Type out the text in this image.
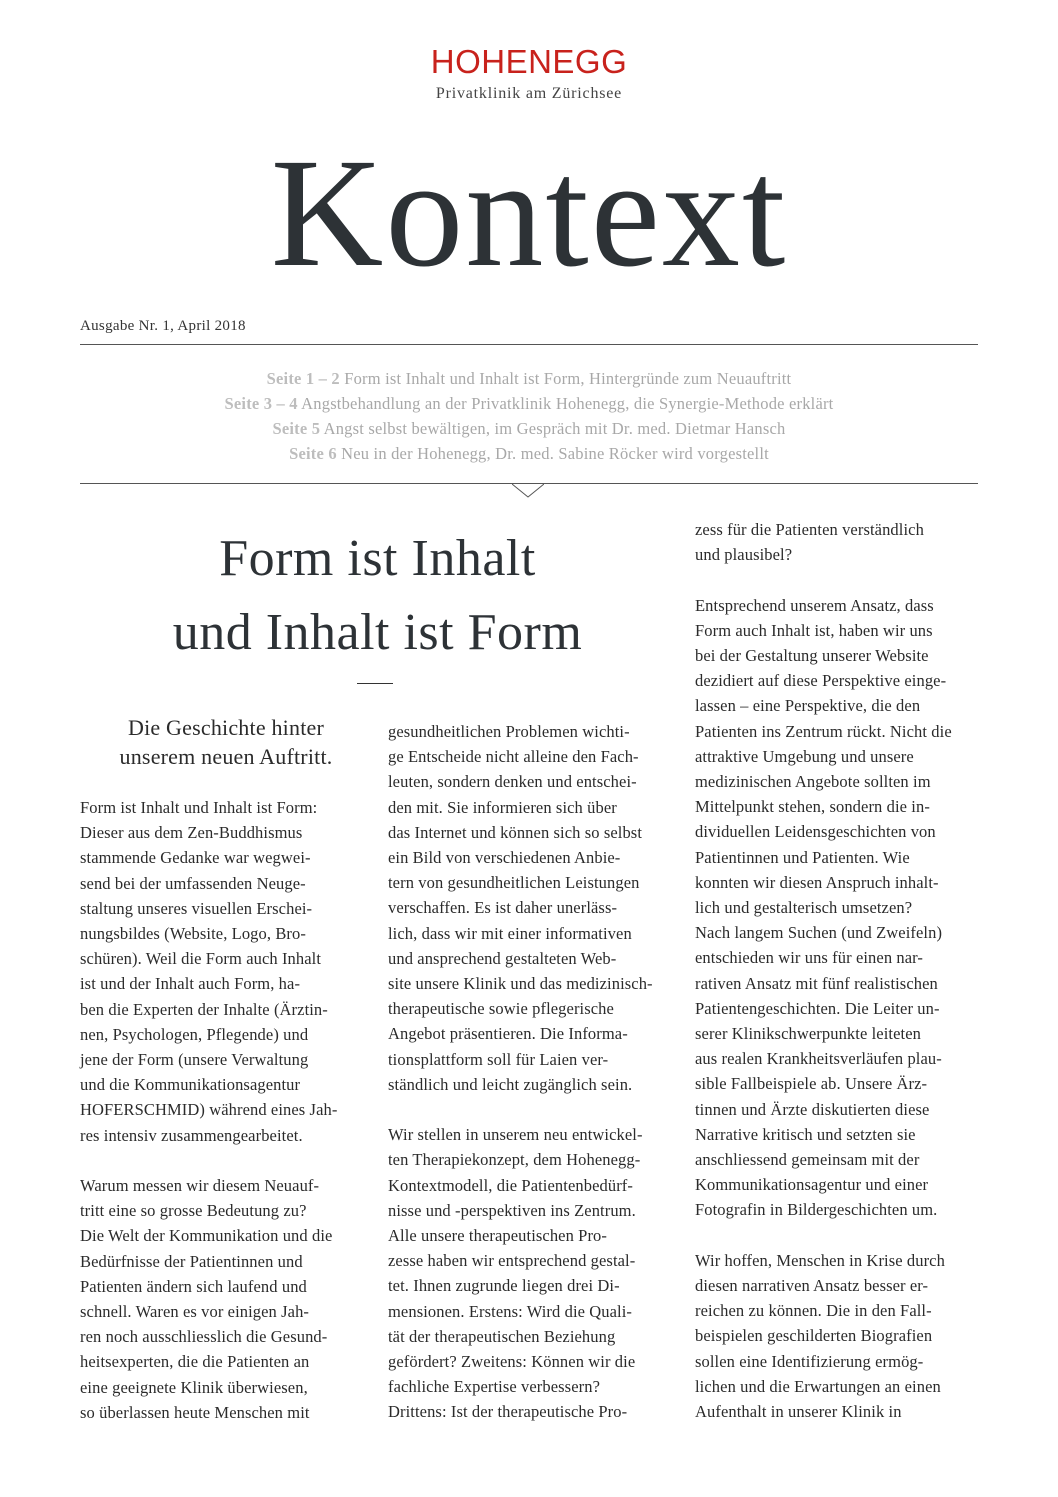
HOHENEGG
Privatklinik am Zürichsee
Kontext
Ausgabe Nr. 1, April 2018
Seite 1 – 2 Form ist Inhalt und Inhalt ist Form, Hintergründe zum Neuauftritt
Seite 3 – 4 Angstbehandlung an der Privatklinik Hohenegg, die Synergie-Methode erklärt
Seite 5 Angst selbst bewältigen, im Gespräch mit Dr. med. Dietmar Hansch
Seite 6 Neu in der Hohenegg, Dr. med. Sabine Röcker wird vorgestellt
Form ist Inhalt
und Inhalt ist Form
Die Geschichte hinter
unserem neuen Auftritt.

Form ist Inhalt und Inhalt ist Form:
Dieser aus dem Zen-Buddhismus
stammende Gedanke war wegwei-
send bei der umfassenden Neuge-
staltung unseres visuellen Erschei-
nungsbildes (Website, Logo, Bro-
schüren). Weil die Form auch Inhalt
ist und der Inhalt auch Form, ha-
ben die Experten der Inhalte (Ärztin-
nen, Psychologen, Pflegende) und
jene der Form (unsere Verwaltung
und die Kommunikationsagentur
HOFERSCHMID) während eines Jah-
res intensiv zusammengearbeitet.

Warum messen wir diesem Neuauf-
tritt eine so grosse Bedeutung zu?
Die Welt der Kommunikation und die
Bedürfnisse der Patientinnen und
Patienten ändern sich laufend und
schnell. Waren es vor einigen Jah-
ren noch ausschliesslich die Gesund-
heitsexperten, die die Patienten an
eine geeignete Klinik überwiesen,
so überlassen heute Menschen mit

gesundheitlichen Problemen wichti-
ge Entscheide nicht alleine den Fach-
leuten, sondern denken und entschei-
den mit. Sie informieren sich über
das Internet und können sich so selbst
ein Bild von verschiedenen Anbie-
tern von gesundheitlichen Leistungen
verschaffen. Es ist daher unerläss-
lich, dass wir mit einer informativen
und ansprechend gestalteten Web-
site unsere Klinik und das medizinisch-
therapeutische sowie pflegerische
Angebot präsentieren. Die Informa-
tionsplattform soll für Laien ver-
ständlich und leicht zugänglich sein.

Wir stellen in unserem neu entwickel-
ten Therapiekonzept, dem Hohenegg-
Kontextmodell, die Patientenbedürf-
nisse und -perspektiven ins Zentrum.
Alle unsere therapeutischen Pro-
zesse haben wir entsprechend gestal-
tet. Ihnen zugrunde liegen drei Di-
mensionen. Erstens: Wird die Quali-
tät der therapeutischen Beziehung
gefördert? Zweitens: Können wir die
fachliche Expertise verbessern?
Drittens: Ist der therapeutische Pro-

zess für die Patienten verständlich
und plausibel?

Entsprechend unserem Ansatz, dass
Form auch Inhalt ist, haben wir uns
bei der Gestaltung unserer Website
dezidiert auf diese Perspektive einge-
lassen – eine Perspektive, die den
Patienten ins Zentrum rückt. Nicht die
attraktive Umgebung und unsere
medizinischen Angebote sollten im
Mittelpunkt stehen, sondern die in-
dividuellen Leidensgeschichten von
Patientinnen und Patienten. Wie
konnten wir diesen Anspruch inhalt-
lich und gestalterisch umsetzen?
Nach langem Suchen (und Zweifeln)
entschieden wir uns für einen nar-
rativen Ansatz mit fünf realistischen
Patientengeschichten. Die Leiter un-
serer Klinikschwerpunkte leiteten
aus realen Krankheitsverläufen plau-
sible Fallbeispiele ab. Unsere Ärz-
tinnen und Ärzte diskutierten diese
Narrative kritisch und setzten sie
anschliessend gemeinsam mit der
Kommunikationsagentur und einer
Fotografin in Bildergeschichten um.

Wir hoffen, Menschen in Krise durch
diesen narrativen Ansatz besser er-
reichen zu können. Die in den Fall-
beispielen geschilderten Biografien
sollen eine Identifizierung ermög-
lichen und die Erwartungen an einen
Aufenthalt in unserer Klinik in
